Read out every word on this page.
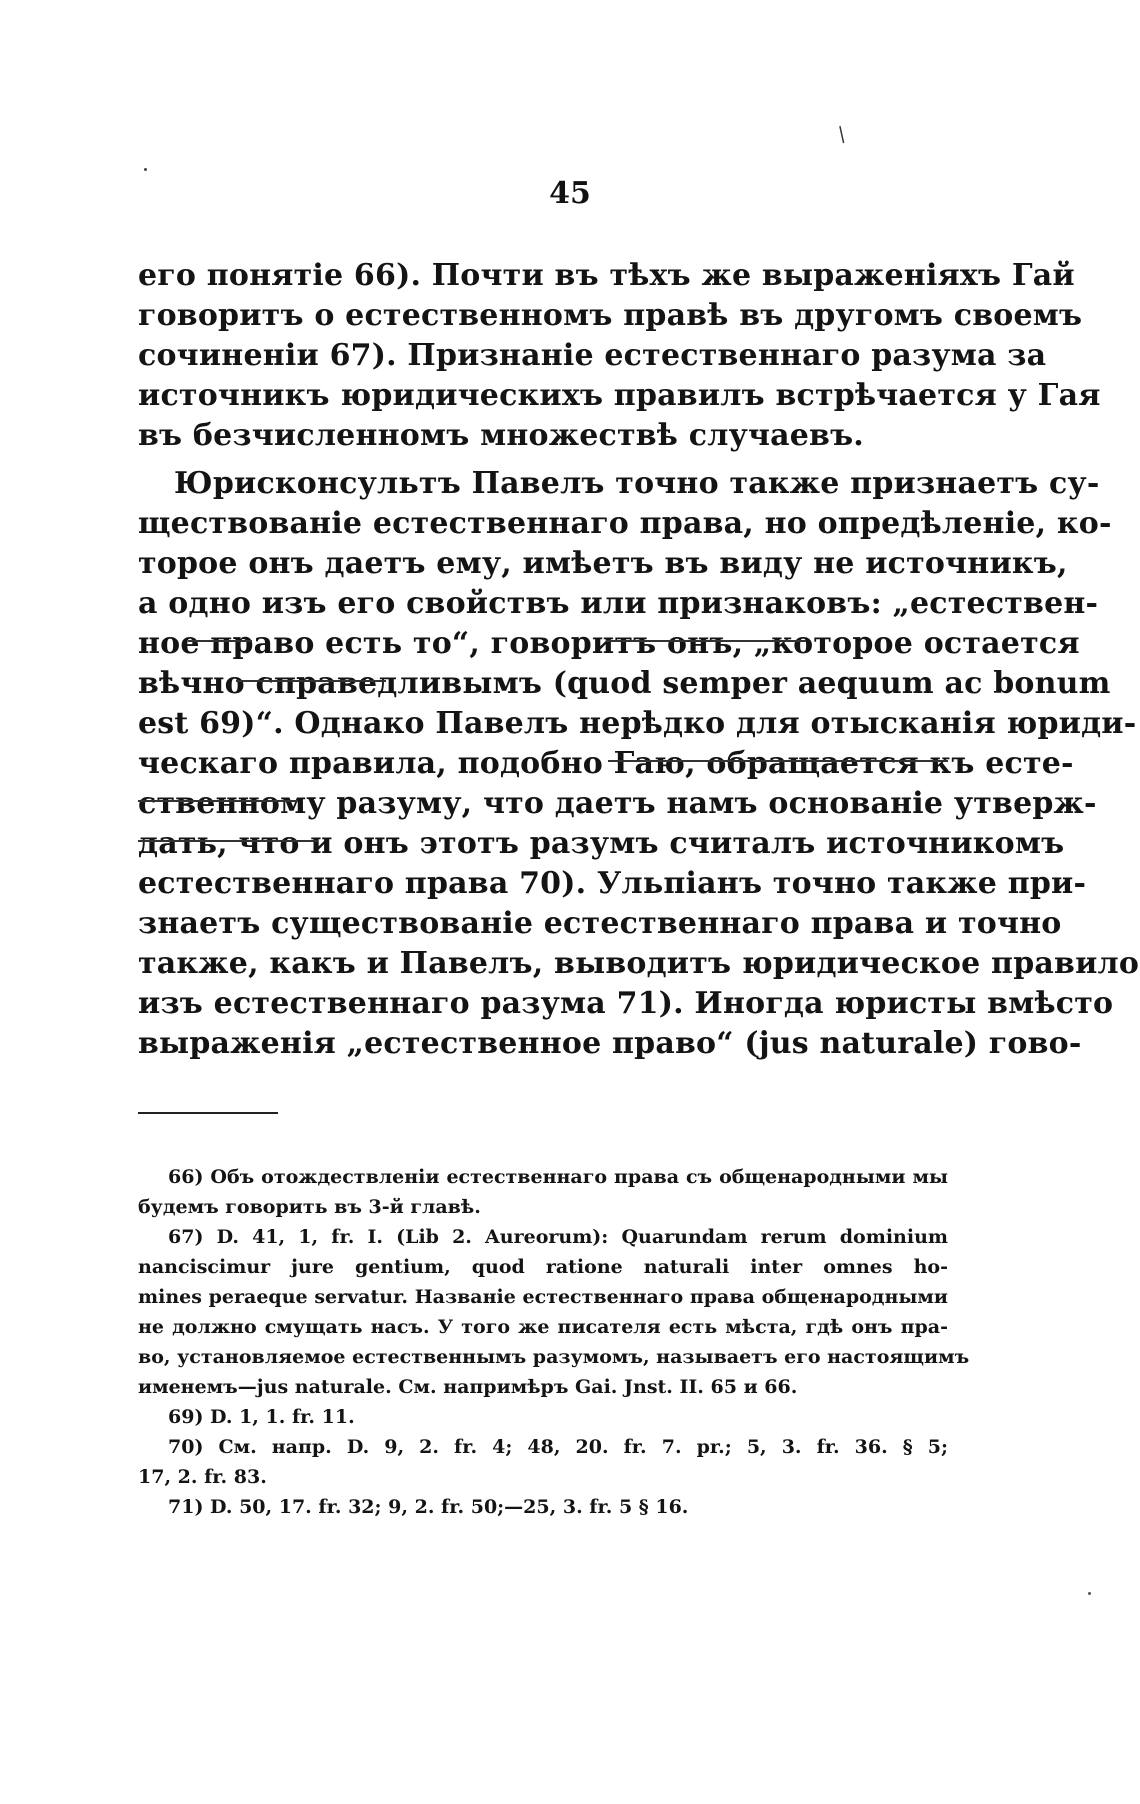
/
45
его понятіе 66). Почти въ тѣхъ же выраженіяхъ Гай
говоритъ о естественномъ правѣ въ другомъ своемъ
сочиненіи 67). Признаніе естественнаго разума за
источникъ юридическихъ правилъ встрѣчается у Гая
въ безчисленномъ множествѣ случаевъ.
Юрисконсультъ Павелъ точно также признаетъ су-
ществованіе естественнаго права, но опредѣленіе, ко-
торое онъ даетъ ему, имѣетъ въ виду не источникъ,
а одно изъ его свойствъ или признаковъ: „естествен-
ное право есть то“, говоритъ онъ, „которое остается
вѣчно справедливымъ (quod semper aequum ac bonum
est 69)“. Однако Павелъ нерѣдко для отысканія юриди-
ческаго правила, подобно Гаю, обращается къ есте-
ственному разуму, что даетъ намъ основаніе утверж-
дать, что и онъ этотъ разумъ считалъ источникомъ
естественнаго права 70). Ульпіанъ точно также при-
знаетъ существованіе естественнаго права и точно
также, какъ и Павелъ, выводитъ юридическое правило
изъ естественнаго разума 71). Иногда юристы вмѣсто
выраженія „естественное право“ (jus naturale) гово-
66) Объ отождествленіи естественнаго права съ общенародными мы
будемъ говорить въ 3-й главѣ.
67) D. 41, 1, fr. I. (Lib 2. Aureorum): Quarundam rerum dominium
nanciscimur jure gentium, quod ratione naturali inter omnes ho-
mines peraeque servatur. Названіе естественнаго права общенародными
не должно смущать насъ. У того же писателя есть мѣста, гдѣ онъ пра-
во, установляемое естественнымъ разумомъ, называетъ его настоящимъ
именемъ—jus naturale. См. напримѣръ Gai. Jnst. II. 65 и 66.
69) D. 1, 1. fr. 11.
70) См. напр. D. 9, 2. fr. 4; 48, 20. fr. 7. pr.; 5, 3. fr. 36. § 5;
17, 2. fr. 83.
71) D. 50, 17. fr. 32; 9, 2. fr. 50;—25, 3. fr. 5 § 16.
